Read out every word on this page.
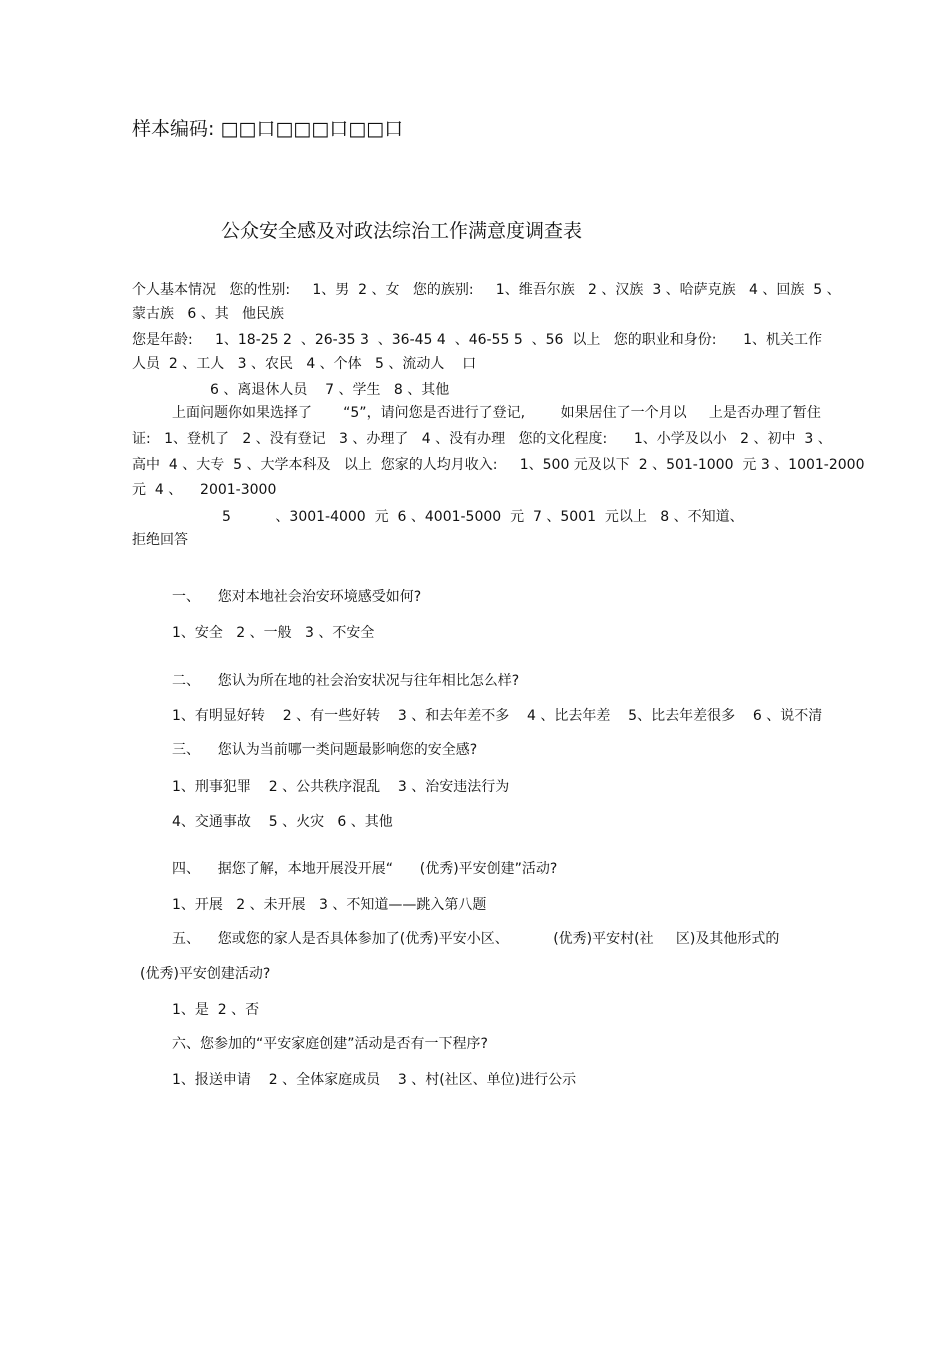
样本编码: □□口□□□口□□口
公众安全感及对政法综治工作满意度调查表
个人基本情况   您的性别:     1、男  2 、女   您的族别:     1、维吾尔族   2 、汉族  3 、哈萨克族   4 、回族  5 、
蒙古族   6 、其   他民族
您是年龄:     1、18-25 2  、26-35 3  、36-45 4  、46-55 5  、56  以上   您的职业和身份:      1、机关工作
人员  2 、工人   3 、农民   4 、个体   5 、流动人    口
6 、离退休人员    7 、学生   8 、其他
上面问题你如果选择了       “5”，请问您是否进行了登记,        如果居住了一个月以     上是否办理了暂住
证:   1、登机了   2 、没有登记   3 、办理了   4 、没有办理   您的文化程度:      1、小学及以小   2 、初中  3 、
高中  4 、大专  5 、大学本科及   以上  您家的人均月收入:     1、500 元及以下  2 、501-1000  元 3 、1001-2000
元  4 、    2001-3000
5          、3001-4000  元  6 、4001-5000  元  7 、5001  元以上   8 、不知道、
拒绝回答
一、    您对本地社会治安环境感受如何?
1、安全   2 、一般   3 、不安全
二、    您认为所在地的社会治安状况与往年相比怎么样?
1、有明显好转    2 、有一些好转    3 、和去年差不多    4 、比去年差    5、比去年差很多    6 、说不清
三、    您认为当前哪一类问题最影响您的安全感?
1、刑事犯罪    2 、公共秩序混乱    3 、治安违法行为
4、交通事故    5 、火灾   6 、其他
四、    据您了解，本地开展没开展“      (优秀)平安创建”活动?
1、开展   2 、未开展   3 、不知道——跳入第八题
五、    您或您的家人是否具体参加了(优秀)平安小区、          (优秀)平安村(社     区)及其他形式的
(优秀)平安创建活动?
1、是  2 、否
六、您参加的“平安家庭创建”活动是否有一下程序?
1、报送申请    2 、全体家庭成员    3 、村(社区、单位)进行公示
